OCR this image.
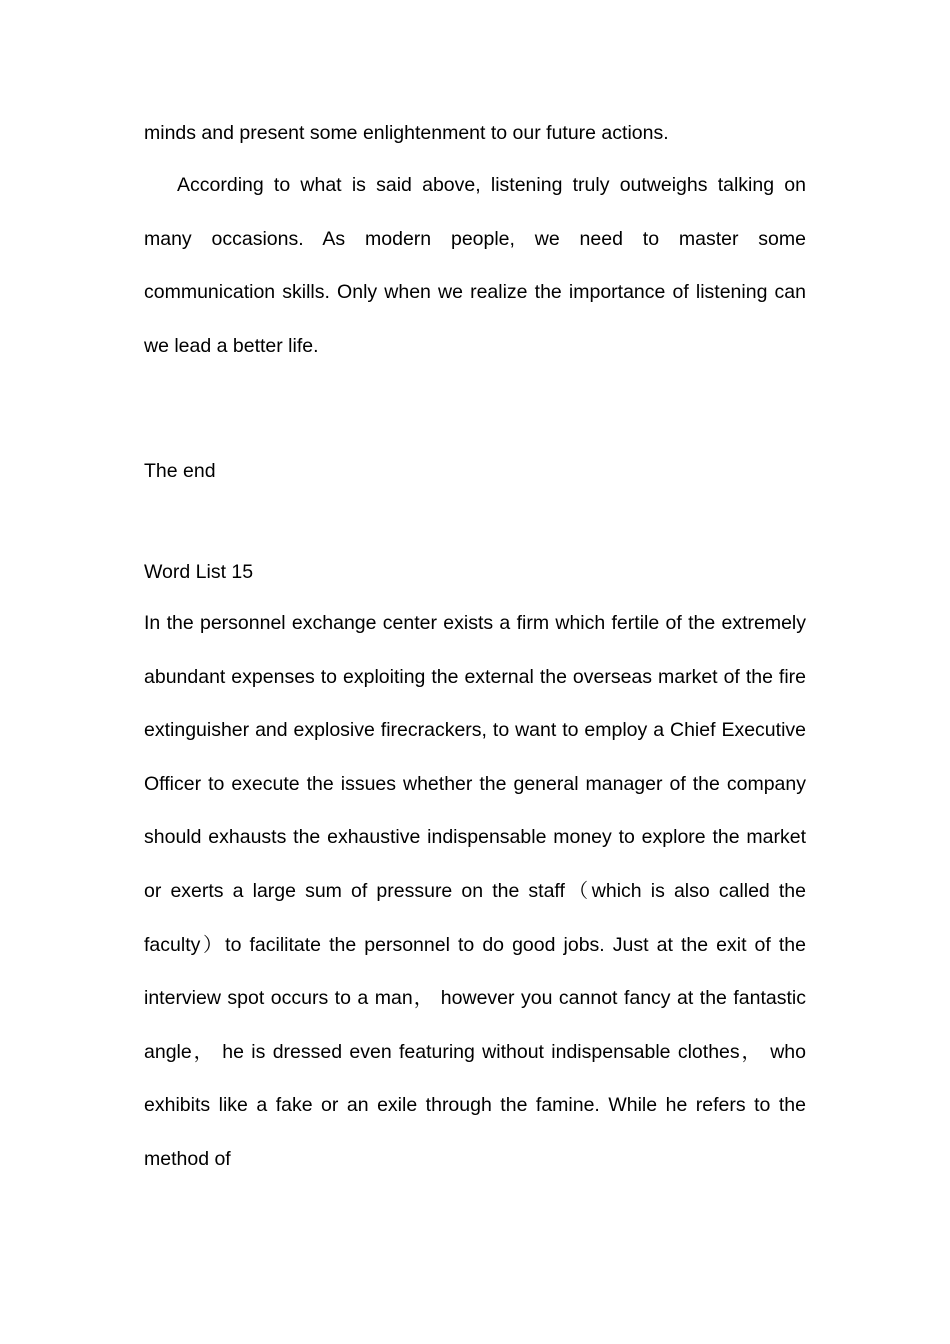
minds and present some enlightenment to our future actions.

According to what is said above, listening truly outweighs talking on many occasions. As modern people, we need to master some communication skills. Only when we realize the importance of listening can we lead a better life.

The end

Word List 15

In the personnel exchange center exists a firm which fertile of the extremely abundant expenses to exploiting the external the overseas market of the fire extinguisher and explosive firecrackers, to want to employ a Chief Executive Officer to execute the issues whether the general manager of the company should exhausts the exhaustive indispensable money to explore the market or exerts a large sum of pressure on the staff（which is also called the faculty）to facilitate the personnel to do good jobs. Just at the exit of the interview spot occurs to a man， however you cannot fancy at the fantastic angle， he is dressed even featuring without indispensable clothes， who exhibits like a fake or an exile through the famine. While he refers to the method of
